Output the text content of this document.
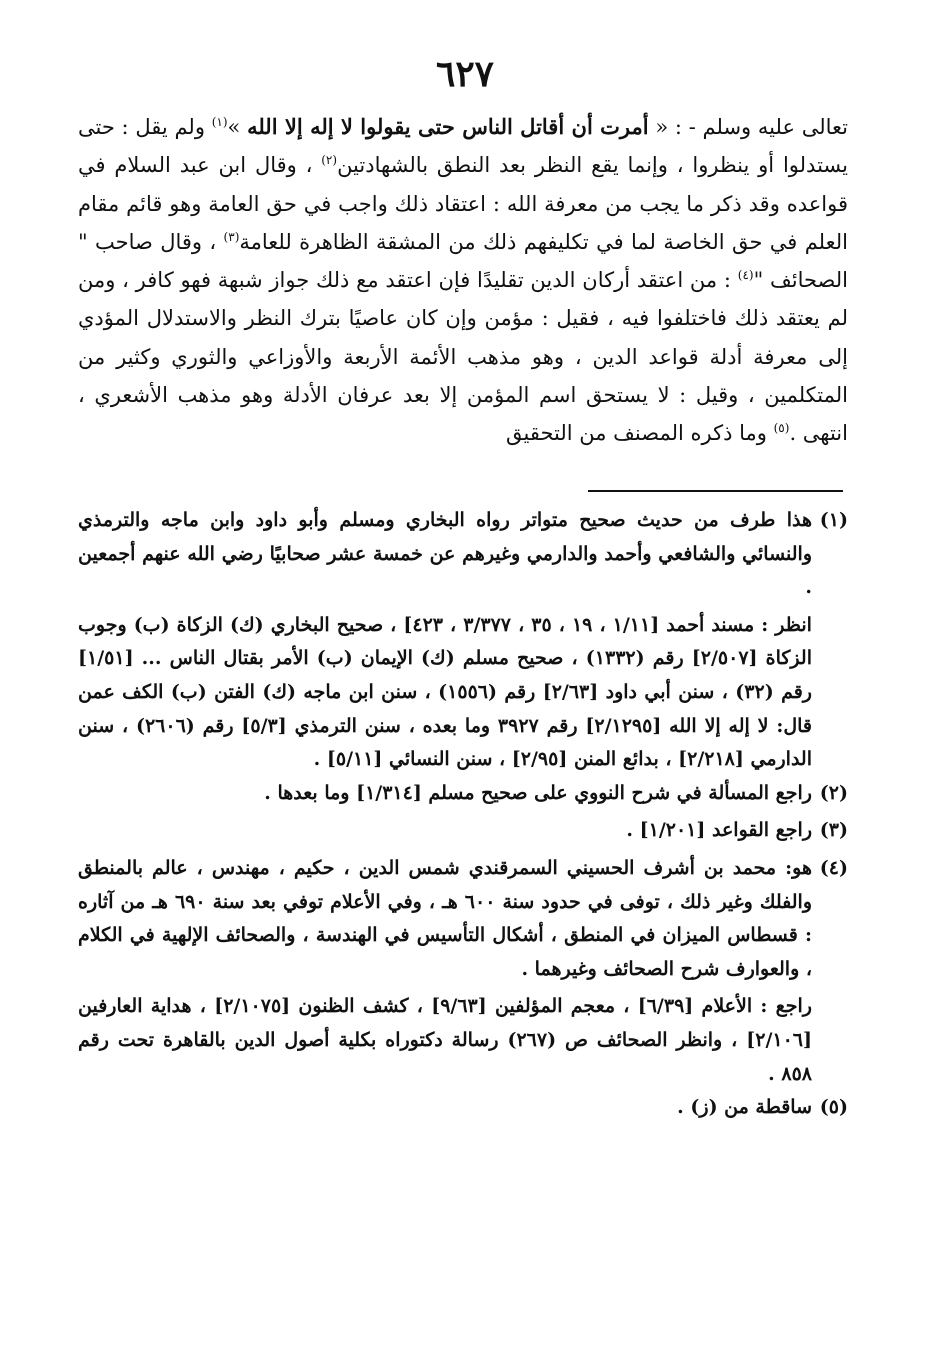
٦٢٧

تعالى عليه وسلم - : « أمرت أن أقاتل الناس حتى يقولوا لا إله إلا الله »$^{(١)}$ ولم يقل : حتى يستدلوا أو ينظروا ، وإنما يقع النظر بعد النطق بالشهادتين$^{(٢)}$ ، وقال ابن عبد السلام في قواعده وقد ذكر ما يجب من معرفة الله : اعتقاد ذلك واجب في حق العامة وهو قائم مقام العلم في حق الخاصة لما في تكليفهم ذلك من المشقة الظاهرة للعامة$^{(٣)}$ ، وقال صاحب " الصحائف "$^{(٤)}$ : من اعتقد أركان الدين تقليدًا فإن اعتقد مع ذلك جواز شبهة فهو كافر ، ومن لم يعتقد ذلك فاختلفوا فيه ، فقيل : مؤمن وإن كان عاصيًا بترك النظر والاستدلال المؤدي إلى معرفة أدلة قواعد الدين ، وهو مذهب الأئمة الأربعة والأوزاعي والثوري وكثير من المتكلمين ، وقيل : لا يستحق اسم المؤمن إلا بعد عرفان الأدلة وهو مذهب الأشعري ، انتهى .$^{(٥)}$ وما ذكره المصنف من التحقيق

(١)
هذا طرف من حديث صحيح متواتر رواه البخاري ومسلم وأبو داود وابن ماجه والترمذي والنسائي والشافعي وأحمد والدارمي وغيرهم عن خمسة عشر صحابيًا رضي الله عنهم أجمعين .

انظر : مسند أحمد [١/١١ ، ١٩ ، ٣٥ ، ٣/٣٧٧ ، ٤٢٣] ، صحيح البخاري (ك) الزكاة (ب) وجوب الزكاة [٢/٥٠٧] رقم (١٣٣٢) ، صحيح مسلم (ك) الإيمان (ب) الأمر بقتال الناس ... [١/٥١] رقم (٣٢) ، سنن أبي داود [٢/٦٣] رقم (١٥٥٦) ، سنن ابن ماجه (ك) الفتن (ب) الكف عمن قال: لا إله إلا الله [٢/١٢٩٥] رقم ٣٩٢٧ وما بعده ، سنن الترمذي [٥/٣] رقم (٢٦٠٦) ، سنن الدارمي [٢/٢١٨] ، بدائع المنن [٢/٩٥] ، سنن النسائي [٥/١١] .

(٢)
راجع المسألة في شرح النووي على صحيح مسلم [١/٣١٤] وما بعدها .
(٣)
راجع القواعد [١/٢٠١] .
(٤)
هو: محمد بن أشرف الحسيني السمرقندي شمس الدين ، حكيم ، مهندس ، عالم بالمنطق والفلك وغير ذلك ، توفى في حدود سنة ٦٠٠ هـ ، وفي الأعلام توفي بعد سنة ٦٩٠ هـ من آثاره : قسطاس الميزان في المنطق ، أشكال التأسيس في الهندسة ، والصحائف الإلهية في الكلام ، والعوارف شرح الصحائف وغيرهما .

راجع : الأعلام [٦/٣٩] ، معجم المؤلفين [٩/٦٣] ، كشف الظنون [٢/١٠٧٥] ، هداية العارفين [٢/١٠٦] ، وانظر الصحائف ص (٢٦٧) رسالة دكتوراه بكلية أصول الدين بالقاهرة تحت رقم ٨٥٨ .

(٥)
ساقطة من (ز) .
